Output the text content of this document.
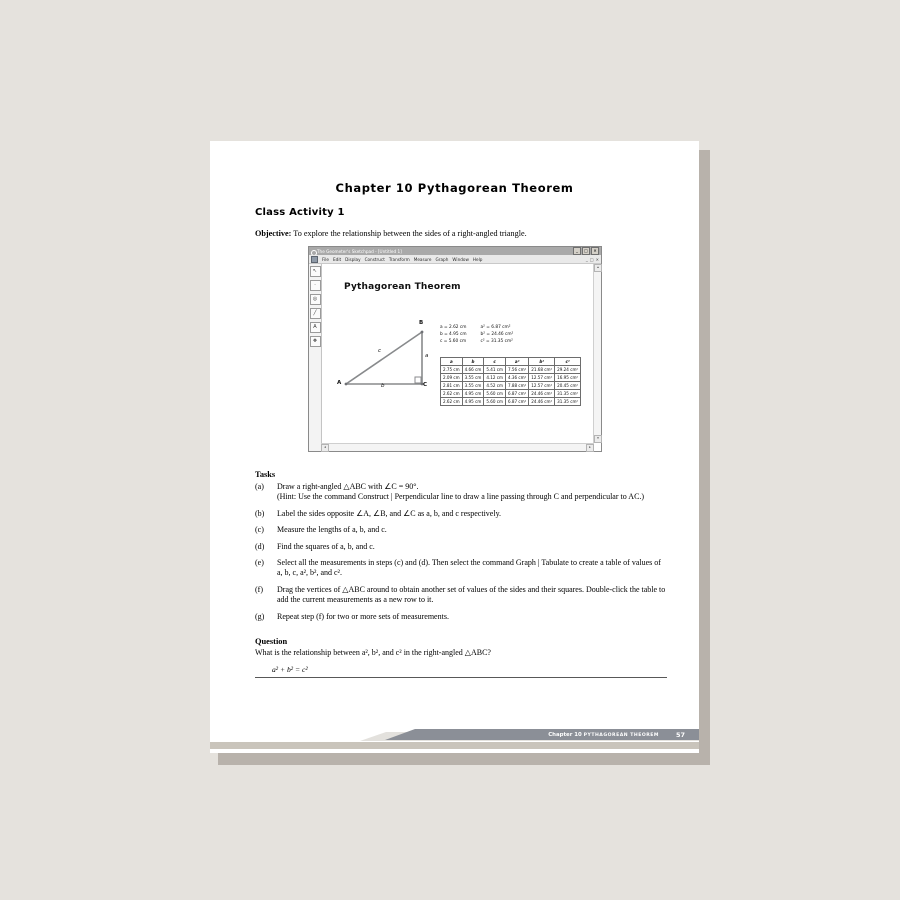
Chapter 10 Pythagorean Theorem
Class Activity 1
Objective: To explore the relationship between the sides of a right-angled triangle.
The Geometer's Sketchpad - [Untitled 1]	_	□	✕
File Edit Display Construct Transform Measure Graph Window Help	_ □ ✕
↖
·
◎
╱
A
❖
Pythagorean Theorem
A
B
C
a
b
c
a = 2.62 cm	a² = 6.87 cm²
b = 4.95 cm	b² = 24.46 cm²
c = 5.60 cm	c² = 31.35 cm²
a	b	c	a²	b²	c²
2.75 cm	4.66 cm	5.41 cm	7.56 cm²	21.68 cm²	29.24 cm²
2.09 cm	3.55 cm	4.12 cm	4.36 cm²	12.57 cm²	16.95 cm²
2.81 cm	3.55 cm	4.52 cm	7.88 cm²	12.57 cm²	20.45 cm²
2.62 cm	4.95 cm	5.60 cm	6.87 cm²	24.46 cm²	31.35 cm²
2.62 cm	4.95 cm	5.60 cm	6.87 cm²	24.46 cm²	31.35 cm²
▴
▾
◂	▸
Tasks
(a)	Draw a right-angled △ABC with ∠C = 90°.
(Hint: Use the command Construct | Perpendicular line to draw a line passing through C and perpendicular to AC.)
(b)	Label the sides opposite ∠A, ∠B, and ∠C as a, b, and c respectively.
(c)	Measure the lengths of a, b, and c.
(d)	Find the squares of a, b, and c.
(e)	Select all the measurements in steps (c) and (d). Then select the command Graph | Tabulate to create a table of values of a, b, c, a², b², and c².
(f)	Drag the vertices of △ABC around to obtain another set of values of the sides and their squares. Double-click the table to add the current measurements as a new row to it.
(g)	Repeat step (f) for two or more sets of measurements.
Question
What is the relationship between a², b², and c² in the right-angled △ABC?
a² + b² = c²
Chapter 10 PYTHAGOREAN THEOREM	57
